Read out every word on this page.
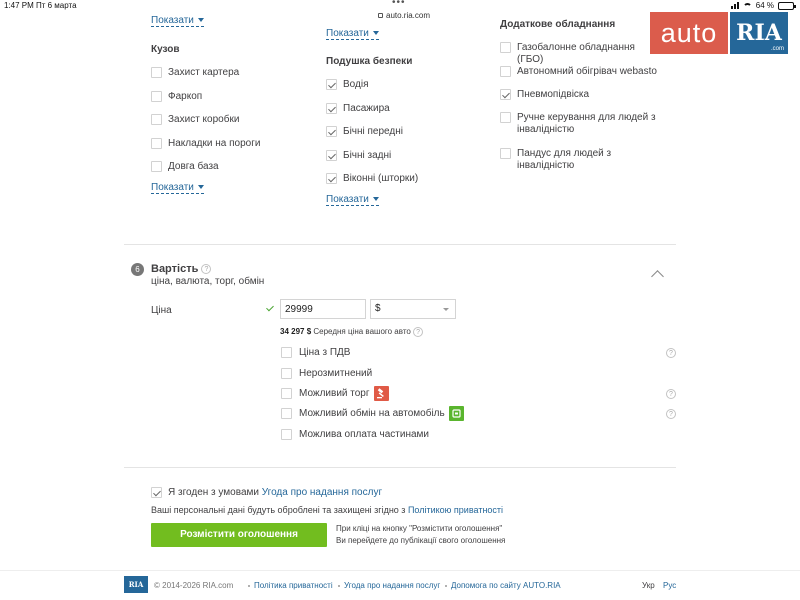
1:47 PM Пт 6 марта	•••
auto.ria.com
64 %
auto RIA
.com
Показати
Кузов
Захист картера
Фаркоп
Захист коробки
Накладки на пороги
Довга база
Показати
Показати
Подушка безпеки
Водія
Пасажира
Бічні передні
Бічні задні
Віконні (шторки)
Показати
Додаткове обладнання
Газобалонне обладнання (ГБО)
Автономний обігрівач webasto
Пневмопідвіска
Ручне керування для людей з інвалідністю
Пандус для людей з інвалідністю
6	Вартість ?
ціна, валюта, торг, обмін
Ціна
29999	$
34 297 $ Середня ціна вашого авто ?
Ціна з ПДВ	?
Нерозмитнений
Можливий торг	?
Можливий обмін на автомобіль	?
Можлива оплата частинами
Я згоден з умовами Угода про надання послуг
Ваші персональні дані будуть оброблені та захищені згідно з Політикою приватності
Розмістити оголошення
При кліці на кнопку "Розмістити оголошення"
Ви перейдете до публікації свого оголошення
RIA	© 2014-2026 RIA.com	Політика приватності	Угода про надання послуг	Допомога по сайту AUTO.RIA	Укр Рус
